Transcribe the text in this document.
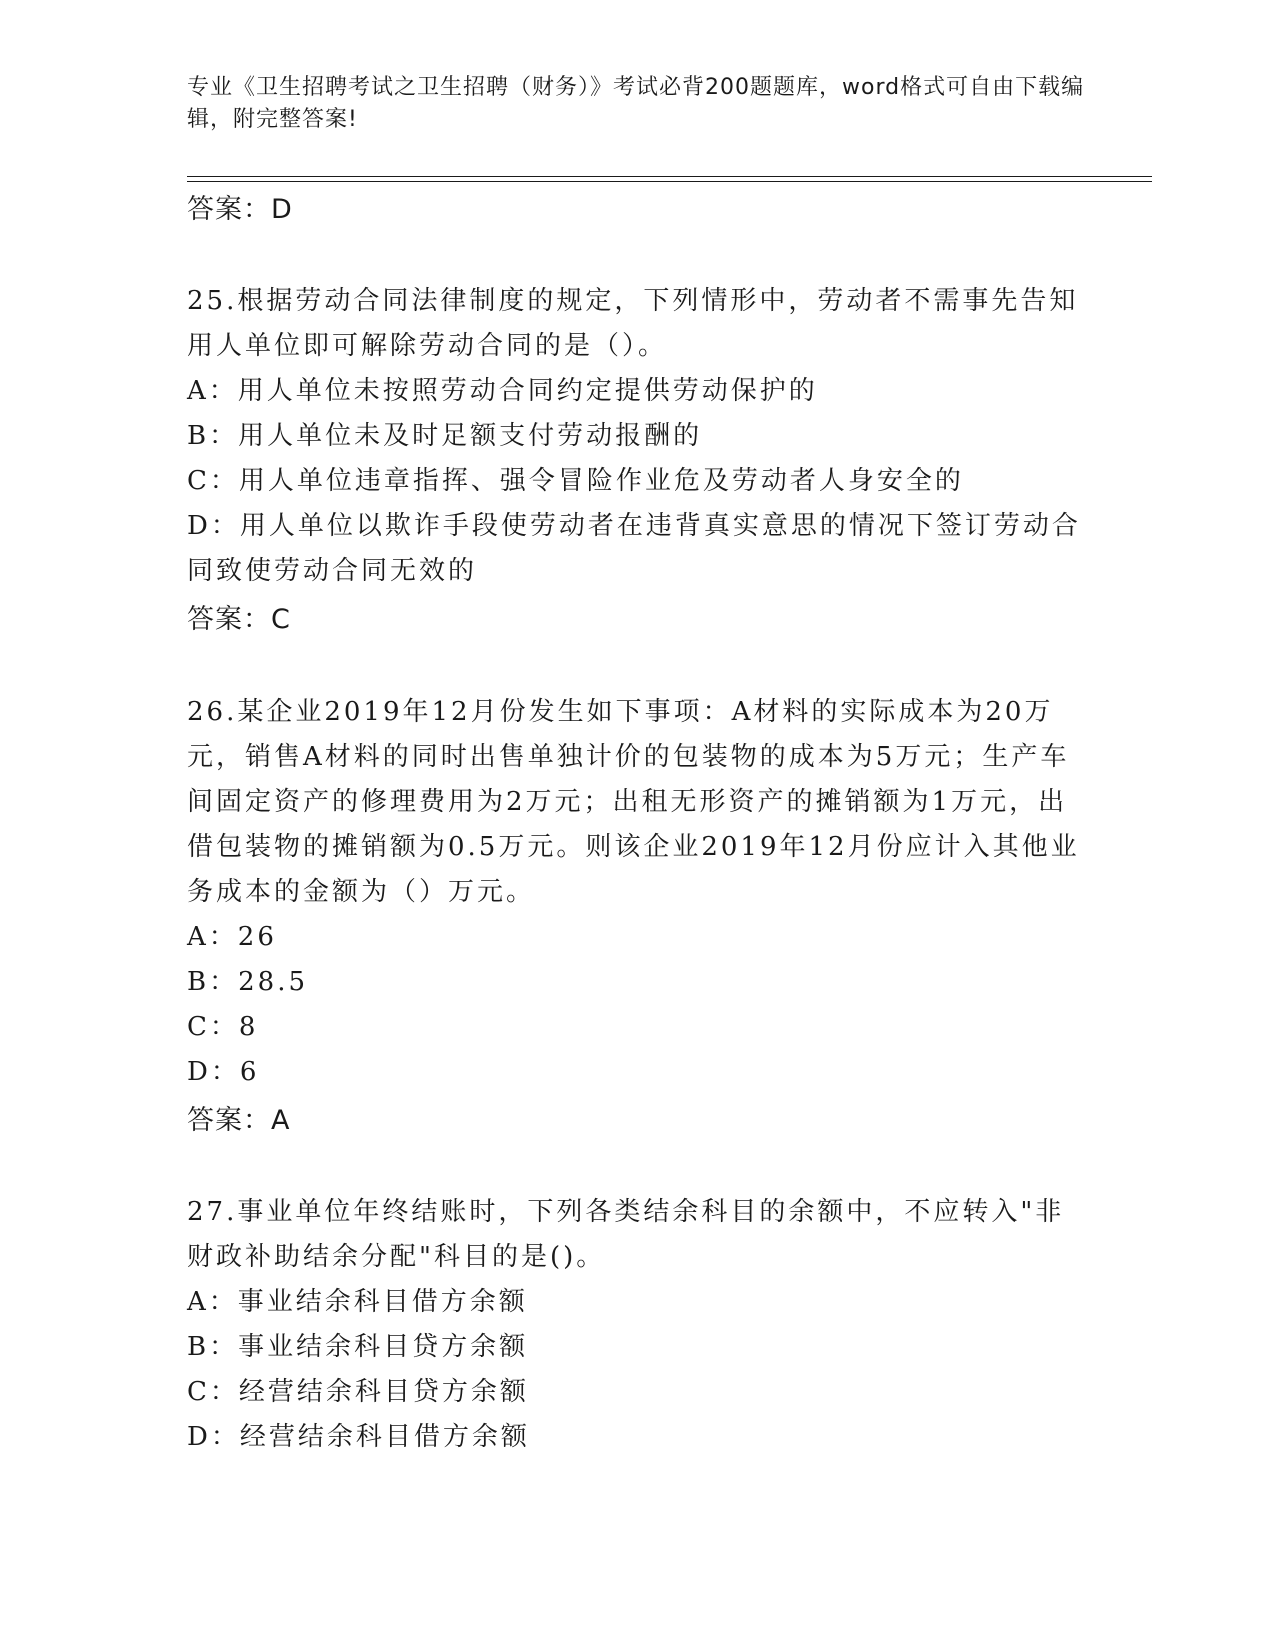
专业《卫生招聘考试之卫生招聘（财务）》考试必背200题题库，word格式可自由下载编辑，附完整答案!
答案：D
25.根据劳动合同法律制度的规定，下列情形中，劳动者不需事先告知用人单位即可解除劳动合同的是（）。
A：用人单位未按照劳动合同约定提供劳动保护的
B：用人单位未及时足额支付劳动报酬的
C：用人单位违章指挥、强令冒险作业危及劳动者人身安全的
D：用人单位以欺诈手段使劳动者在违背真实意思的情况下签订劳动合同致使劳动合同无效的
答案：C
26.某企业2019年12月份发生如下事项：A材料的实际成本为20万元，销售A材料的同时出售单独计价的包装物的成本为5万元；生产车间固定资产的修理费用为2万元；出租无形资产的摊销额为1万元，出借包装物的摊销额为0.5万元。则该企业2019年12月份应计入其他业务成本的金额为（）万元。
A：26
B：28.5
C：8
D：6
答案：A
27.事业单位年终结账时，下列各类结余科目的余额中，不应转入"非财政补助结余分配"科目的是()。
A：事业结余科目借方余额
B：事业结余科目贷方余额
C：经营结余科目贷方余额
D：经营结余科目借方余额
